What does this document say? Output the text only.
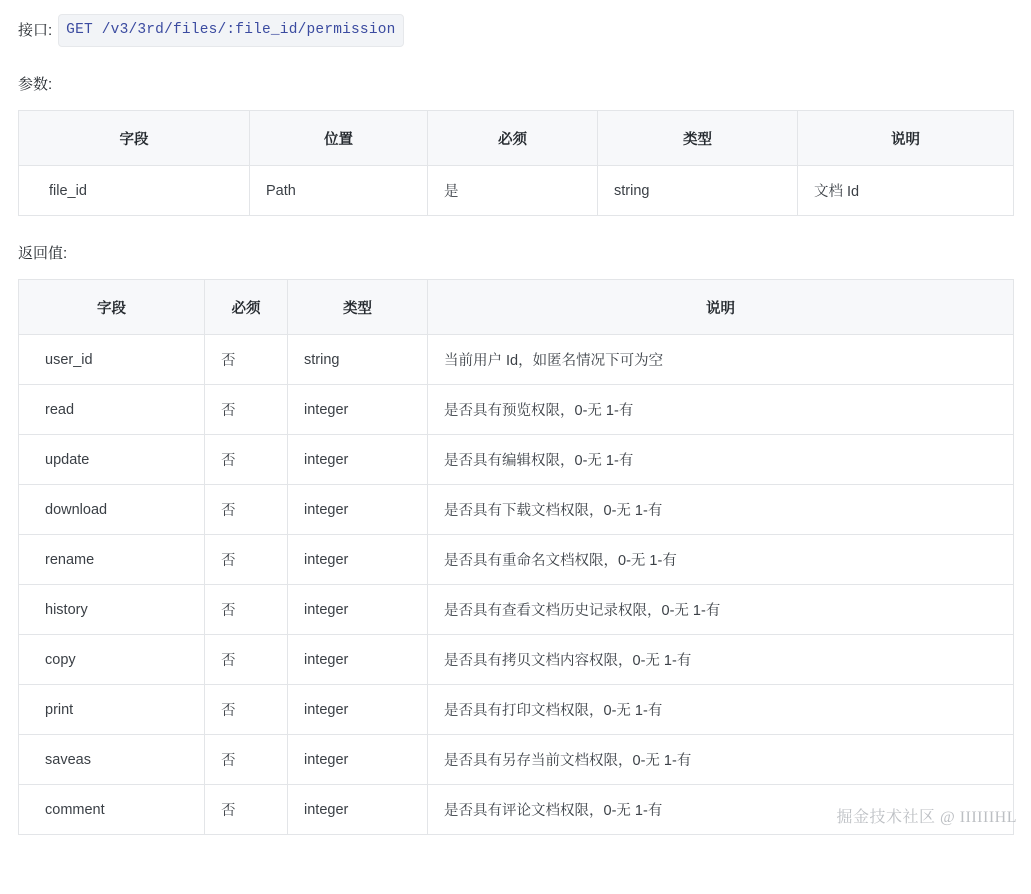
接口: GET /v3/3rd/files/:file_id/permission
参数:
字段	位置	必须	类型	说明
file_id	Path	是	string	文档 Id
返回值:
字段	必须	类型	说明
user_id	否	string	当前用户 Id，如匿名情况下可为空
read	否	integer	是否具有预览权限，0-无 1-有
update	否	integer	是否具有编辑权限，0-无 1-有
download	否	integer	是否具有下载文档权限，0-无 1-有
rename	否	integer	是否具有重命名文档权限，0-无 1-有
history	否	integer	是否具有查看文档历史记录权限，0-无 1-有
copy	否	integer	是否具有拷贝文档内容权限，0-无 1-有
print	否	integer	是否具有打印文档权限，0-无 1-有
saveas	否	integer	是否具有另存当前文档权限，0-无 1-有
comment	否	integer	是否具有评论文档权限，0-无 1-有	掘金技术社区 @ IIIIIIHL
